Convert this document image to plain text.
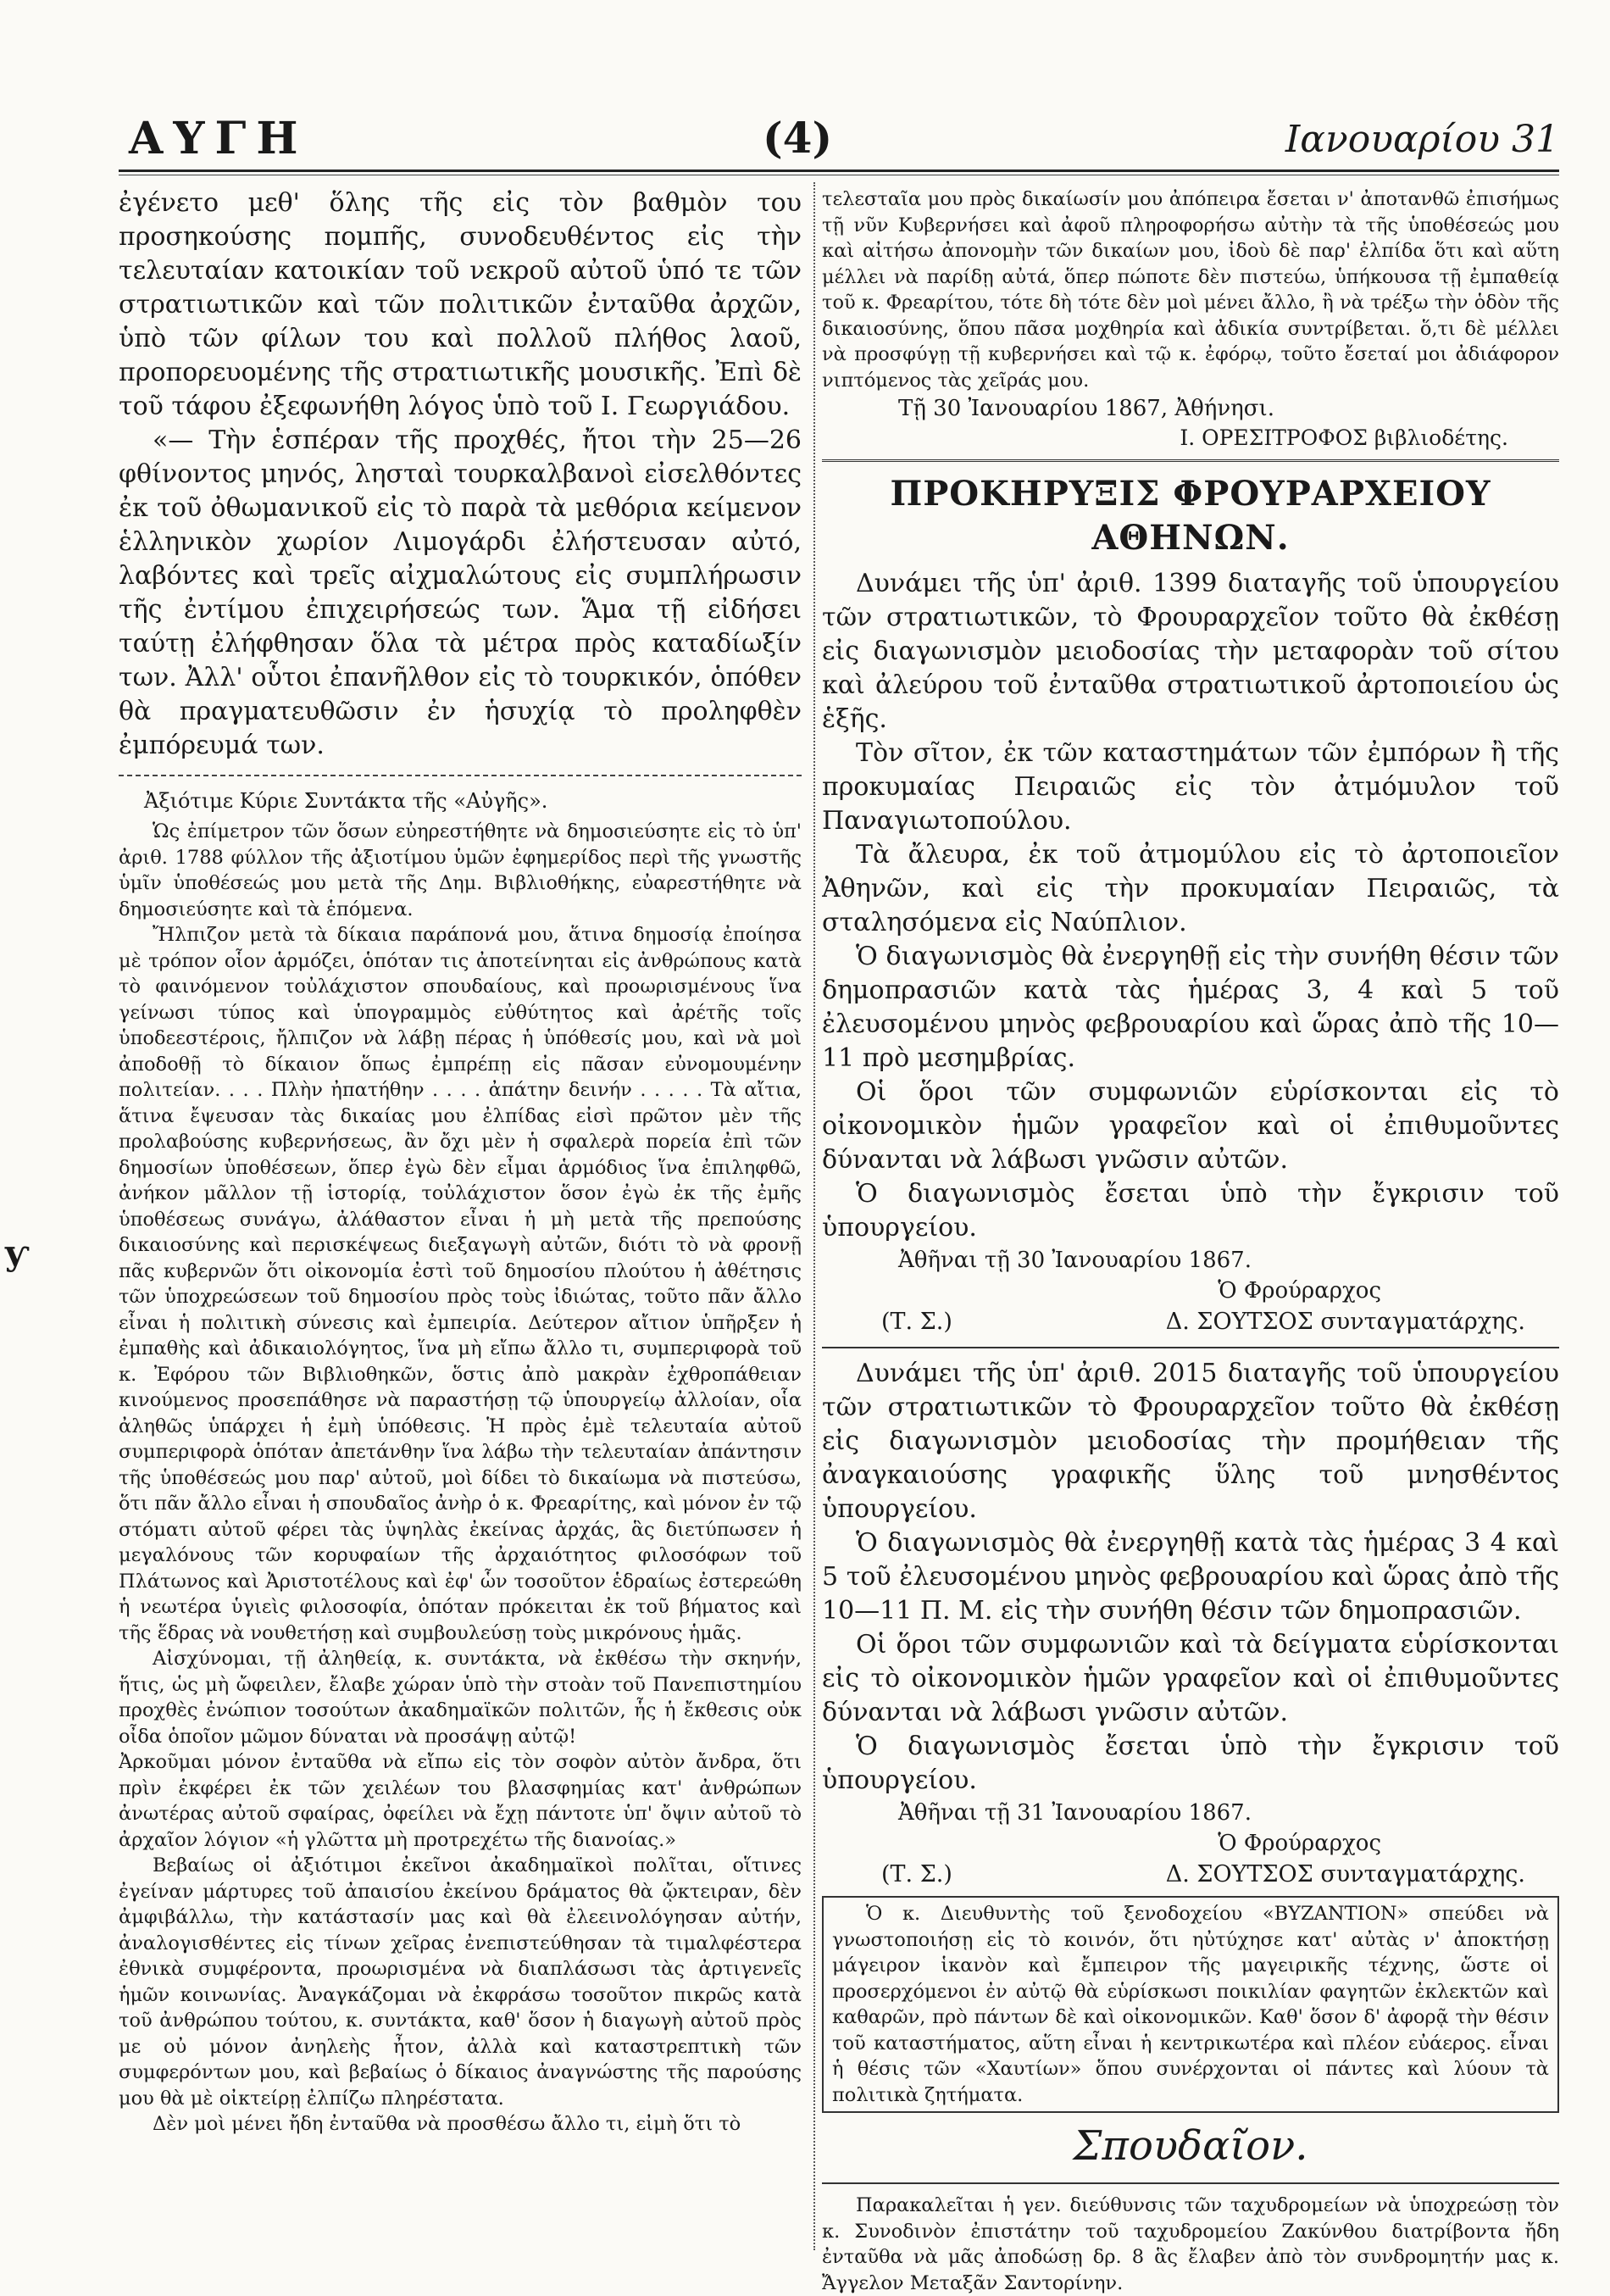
ΑΥΓΗ	(4)	Ιανουαρίου 31
ƴ

ἐγένετο μεθ' ὅλης τῆς εἰς τὸν βαθμὸν του προσηκούσης πομπῆς, συνοδευθέντος εἰς τὴν τελευταίαν κατοικίαν τοῦ νεκροῦ αὐτοῦ ὑπό τε τῶν στρατιωτικῶν καὶ τῶν πολιτικῶν ἐνταῦθα ἀρχῶν, ὑπὸ τῶν φίλων του καὶ πολλοῦ πλήθος λαοῦ, προπορευομένης τῆς στρατιωτικῆς μουσικῆς. Ἐπὶ δὲ τοῦ τάφου ἐξεφωνήθη λόγος ὑπὸ τοῦ Ι. Γεωργιάδου.

«— Τὴν ἑσπέραν τῆς προχθές, ἤτοι τὴν 25—26 φθίνοντος μηνός, λησταὶ τουρκαλβανοὶ εἰσελθόντες ἐκ τοῦ ὀθωμανικοῦ εἰς τὸ παρὰ τὰ μεθόρια κείμενον ἑλληνικὸν χωρίον Λιμογάρδι ἐλήστευσαν αὐτό, λαβόντες καὶ τρεῖς αἰχμαλώτους εἰς συμπλήρωσιν τῆς ἐντίμου ἐπιχειρήσεώς των. Ἅμα τῇ εἰδήσει ταύτῃ ἐλήφθησαν ὅλα τὰ μέτρα πρὸς καταδίωξίν των. Ἀλλ' οὗτοι ἐπανῆλθον εἰς τὸ τουρκικόν, ὁπόθεν θὰ πραγματευθῶσιν ἐν ἡσυχίᾳ τὸ προληφθὲν ἐμπόρευμά των.

Ἀξιότιμε Κύριε Συντάκτα τῆς «Αὐγῆς».

Ὡς ἐπίμετρον τῶν ὅσων εὐηρεστήθητε νὰ δημοσιεύσητε εἰς τὸ ὑπ' ἀριθ. 1788 φύλλον τῆς ἀξιοτίμου ὑμῶν ἐφημερίδος περὶ τῆς γνωστῆς ὑμῖν ὑποθέσεώς μου μετὰ τῆς Δημ. Βιβλιοθήκης, εὐαρεστήθητε νὰ δημοσιεύσητε καὶ τὰ ἑπόμενα.

Ἤλπιζον μετὰ τὰ δίκαια παράπονά μου, ἅτινα δημοσίᾳ ἐποίησα μὲ τρόπον οἷον ἁρμόζει, ὁπόταν τις ἀποτείνηται εἰς ἀνθρώπους κατὰ τὸ φαινόμενον τοὐλάχιστον σπουδαίους, καὶ προωρισμένους ἵνα γείνωσι τύπος καὶ ὑπογραμμὸς εὐθύτητος καὶ ἀρέτῆς τοῖς ὑποδεεστέροις, ἤλπιζον νὰ λάβῃ πέρας ἡ ὑπόθεσίς μου, καὶ νὰ μοὶ ἀποδοθῇ τὸ δίκαιον ὅπως ἐμπρέπῃ εἰς πᾶσαν εὐνομουμένην πολιτείαν. . . . Πλὴν ἠπατήθην . . . . ἀπάτην δεινήν . . . . . Τὰ αἴτια, ἅτινα ἔψευσαν τὰς δικαίας μου ἐλπίδας εἰσὶ πρῶτον μὲν τῆς προλαβούσης κυβερνήσεως, ἂν ὄχι μὲν ἡ σφαλερὰ πορεία ἐπὶ τῶν δημοσίων ὑποθέσεων, ὅπερ ἐγὼ δὲν εἶμαι ἁρμόδιος ἵνα ἐπιληφθῶ, ἀνήκον μᾶλλον τῇ ἱστορίᾳ, τοὐλάχιστον ὅσον ἐγὼ ἐκ τῆς ἐμῆς ὑποθέσεως συνάγω, ἀλάθαστον εἶναι ἡ μὴ μετὰ τῆς πρεπούσης δικαιοσύνης καὶ περισκέψεως διεξαγωγὴ αὐτῶν, διότι τὸ νὰ φρονῇ πᾶς κυβερνῶν ὅτι οἰκονομία ἐστὶ τοῦ δημοσίου πλούτου ἡ ἀθέτησις τῶν ὑποχρεώσεων τοῦ δημοσίου πρὸς τοὺς ἰδιώτας, τοῦτο πᾶν ἄλλο εἶναι ἡ πολιτικὴ σύνεσις καὶ ἐμπειρία. Δεύτερον αἴτιον ὑπῆρξεν ἡ ἐμπαθὴς καὶ ἀδικαιολόγητος, ἵνα μὴ εἴπω ἄλλο τι, συμπεριφορὰ τοῦ κ. Ἐφόρου τῶν Βιβλιοθηκῶν, ὅστις ἀπὸ μακρὰν ἐχθροπάθειαν κινούμενος προσεπάθησε νὰ παραστήσῃ τῷ ὑπουργείῳ ἀλλοίαν, οἷα ἀληθῶς ὑπάρχει ἡ ἐμὴ ὑπόθεσις. Ἡ πρὸς ἐμὲ τελευταία αὐτοῦ συμπεριφορὰ ὁπόταν ἀπετάνθην ἵνα λάβω τὴν τελευταίαν ἀπάντησιν τῆς ὑποθέσεώς μου παρ' αὐτοῦ, μοὶ δίδει τὸ δικαίωμα νὰ πιστεύσω, ὅτι πᾶν ἄλλο εἶναι ἡ σπουδαῖος ἀνὴρ ὁ κ. Φρεαρίτης, καὶ μόνον ἐν τῷ στόματι αὐτοῦ φέρει τὰς ὑψηλὰς ἐκείνας ἀρχάς, ἃς διετύπωσεν ἡ μεγαλόνους τῶν κορυφαίων τῆς ἀρχαιότητος φιλοσόφων τοῦ Πλάτωνος καὶ Ἀριστοτέλους καὶ ἐφ' ὧν τοσοῦτον ἑδραίως ἐστερεώθη ἡ νεωτέρα ὑγιεὶς φιλοσοφία, ὁπόταν πρόκειται ἐκ τοῦ βήματος καὶ τῆς ἕδρας νὰ νουθετήσῃ καὶ συμβουλεύσῃ τοὺς μικρόνους ἡμᾶς.

Αἰσχύνομαι, τῇ ἀληθείᾳ, κ. συντάκτα, νὰ ἐκθέσω τὴν σκηνήν, ἥτις, ὡς μὴ ὤφειλεν, ἔλαβε χώραν ὑπὸ τὴν στοὰν τοῦ Πανεπιστημίου προχθὲς ἐνώπιον τοσούτων ἀκαδημαϊκῶν πολιτῶν, ἧς ἡ ἔκθεσις οὐκ οἶδα ὁποῖον μῶμον δύναται νὰ προσάψῃ αὐτῷ!

Ἀρκοῦμαι μόνον ἐνταῦθα νὰ εἴπω εἰς τὸν σοφὸν αὐτὸν ἄνδρα, ὅτι πρὶν ἐκφέρει ἐκ τῶν χειλέων του βλασφημίας κατ' ἀνθρώπων ἀνωτέρας αὐτοῦ σφαίρας, ὀφείλει νὰ ἔχῃ πάντοτε ὑπ' ὄψιν αὐτοῦ τὸ ἀρχαῖον λόγιον «ἡ γλῶττα μὴ προτρεχέτω τῆς διανοίας.»

Βεβαίως οἱ ἀξιότιμοι ἐκεῖνοι ἀκαδημαϊκοὶ πολῖται, οἵτινες ἐγείναν μάρτυρες τοῦ ἀπαισίου ἐκείνου δράματος θὰ ᾤκτειραν, δὲν ἀμφιβάλλω, τὴν κατάστασίν μας καὶ θὰ ἐλεεινολόγησαν αὐτήν, ἀναλογισθέντες εἰς τίνων χεῖρας ἐνεπιστεύθησαν τὰ τιμαλφέστερα ἐθνικὰ συμφέροντα, προωρισμένα νὰ διαπλάσωσι τὰς ἀρτιγενεῖς ἡμῶν κοινωνίας. Ἀναγκάζομαι νὰ ἐκφράσω τοσοῦτον πικρῶς κατὰ τοῦ ἀνθρώπου τούτου, κ. συντάκτα, καθ' ὅσον ἡ διαγωγὴ αὐτοῦ πρὸς με οὐ μόνον ἀνηλεὴς ἦτον, ἀλλὰ καὶ καταστρεπτικὴ τῶν συμφερόντων μου, καὶ βεβαίως ὁ δίκαιος ἀναγνώστης τῆς παρούσης μου θὰ μὲ οἰκτείρῃ ἐλπίζω πληρέστατα.

Δὲν μοὶ μένει ἤδη ἐνταῦθα νὰ προσθέσω ἄλλο τι, εἰμὴ ὅτι τὸ

τελεσταῖα μου πρὸς δικαίωσίν μου ἀπόπειρα ἔσεται ν' ἀποτανθῶ ἐπισήμως τῇ νῦν Κυβερνήσει καὶ ἀφοῦ πληροφορήσω αὐτὴν τὰ τῆς ὑποθέσεώς μου καὶ αἰτήσω ἀπονομὴν τῶν δικαίων μου, ἰδοὺ δὲ παρ' ἐλπίδα ὅτι καὶ αὕτη μέλλει νὰ παρίδῃ αὐτά, ὅπερ πώποτε δὲν πιστεύω, ὑπήκουσα τῇ ἐμπαθείᾳ τοῦ κ. Φρεαρίτου, τότε δὴ τότε δὲν μοὶ μένει ἄλλο, ἢ νὰ τρέξω τὴν ὁδὸν τῆς δικαιοσύνης, ὅπου πᾶσα μοχθηρία καὶ ἀδικία συντρίβεται. ὅ,τι δὲ μέλλει νὰ προσφύγῃ τῇ κυβερνήσει καὶ τῷ κ. ἐφόρῳ, τοῦτο ἔσεταί μοι ἀδιάφορον νιπτόμενος τὰς χεῖράς μου.

Τῇ 30 Ἰανουαρίου 1867, Ἀθήνησι.
Ι. ΟΡΕΣΙΤΡΟΦΟΣ βιβλιοδέτης.
ΠΡΟΚΗΡΥΞΙΣ ΦΡΟΥΡΑΡΧΕΙΟΥ ΑΘΗΝΩΝ.

Δυνάμει τῆς ὑπ' ἀριθ. 1399 διαταγῆς τοῦ ὑπουργείου τῶν στρατιωτικῶν, τὸ Φρουραρχεῖον τοῦτο θὰ ἐκθέσῃ εἰς διαγωνισμὸν μειοδοσίας τὴν μεταφορὰν τοῦ σίτου καὶ ἀλεύρου τοῦ ἐνταῦθα στρατιωτικοῦ ἀρτοποιείου ὡς ἑξῆς.

Τὸν σῖτον, ἐκ τῶν καταστημάτων τῶν ἐμπόρων ἢ τῆς προκυμαίας Πειραιῶς εἰς τὸν ἀτμόμυλον τοῦ Παναγιωτοπούλου.

Τὰ ἄλευρα, ἐκ τοῦ ἀτμομύλου εἰς τὸ ἀρτοποιεῖον Ἀθηνῶν, καὶ εἰς τὴν προκυμαίαν Πειραιῶς, τὰ σταλησόμενα εἰς Ναύπλιον.

Ὁ διαγωνισμὸς θὰ ἐνεργηθῇ εἰς τὴν συνήθη θέσιν τῶν δημοπρασιῶν κατὰ τὰς ἡμέρας 3, 4 καὶ 5 τοῦ ἐλευσομένου μηνὸς φεβρουαρίου καὶ ὥρας ἀπὸ τῆς 10—11 πρὸ μεσημβρίας.

Οἱ ὅροι τῶν συμφωνιῶν εὑρίσκονται εἰς τὸ οἰκονομικὸν ἡμῶν γραφεῖον καὶ οἱ ἐπιθυμοῦντες δύνανται νὰ λάβωσι γνῶσιν αὐτῶν.

Ὁ διαγωνισμὸς ἔσεται ὑπὸ τὴν ἔγκρισιν τοῦ ὑπουργείου.

Ἀθῆναι τῇ 30 Ἰανουαρίου 1867.
Ὁ Φρούραρχος
(Τ. Σ.)	Δ. ΣΟΥΤΣΟΣ συνταγματάρχης.

Δυνάμει τῆς ὑπ' ἀριθ. 2015 διαταγῆς τοῦ ὑπουργείου τῶν στρατιωτικῶν τὸ Φρουραρχεῖον τοῦτο θὰ ἐκθέσῃ εἰς διαγωνισμὸν μειοδοσίας τὴν προμήθειαν τῆς ἀναγκαιούσης γραφικῆς ὕλης τοῦ μνησθέντος ὑπουργείου.

Ὁ διαγωνισμὸς θὰ ἐνεργηθῇ κατὰ τὰς ἡμέρας 3 4 καὶ 5 τοῦ ἐλευσομένου μηνὸς φεβρουαρίου καὶ ὥρας ἀπὸ τῆς 10—11 Π. Μ. εἰς τὴν συνήθη θέσιν τῶν δημοπρασιῶν.

Οἱ ὅροι τῶν συμφωνιῶν καὶ τὰ δείγματα εὑρίσκονται εἰς τὸ οἰκονομικὸν ἡμῶν γραφεῖον καὶ οἱ ἐπιθυμοῦντες δύνανται νὰ λάβωσι γνῶσιν αὐτῶν.

Ὁ διαγωνισμὸς ἔσεται ὑπὸ τὴν ἔγκρισιν τοῦ ὑπουργείου.

Ἀθῆναι τῇ 31 Ἰανουαρίου 1867.
Ὁ Φρούραρχος
(Τ. Σ.)	Δ. ΣΟΥΤΣΟΣ συνταγματάρχης.

Ὁ κ. Διευθυντὴς τοῦ ξενοδοχείου «ΒΥΖΑΝΤΙΟΝ» σπεύδει νὰ γνωστοποιήσῃ εἰς τὸ κοινόν, ὅτι ηὐτύχησε κατ' αὐτὰς ν' ἀποκτήσῃ μάγειρον ἱκανὸν καὶ ἔμπειρον τῆς μαγειρικῆς τέχνης, ὥστε οἱ προσερχόμενοι ἐν αὐτῷ θὰ εὑρίσκωσι ποικιλίαν φαγητῶν ἐκλεκτῶν καὶ καθαρῶν, πρὸ πάντων δὲ καὶ οἰκονομικῶν. Καθ' ὅσον δ' ἀφορᾷ τὴν θέσιν τοῦ καταστήματος, αὕτη εἶναι ἡ κεντρικωτέρα καὶ πλέον εὐάερος. εἶναι ἡ θέσις τῶν «Χαυτίων» ὅπου συνέρχονται οἱ πάντες καὶ λύουν τὰ πολιτικὰ ζητήματα.

Σπουδαῖον.

Παρακαλεῖται ἡ γεν. διεύθυνσις τῶν ταχυδρομείων νὰ ὑποχρεώσῃ τὸν κ. Συνοδινὸν ἐπιστάτην τοῦ ταχυδρομείου Ζακύνθου διατρίβοντα ἤδη ἐνταῦθα νὰ μᾶς ἀποδώσῃ δρ. 8 ἃς ἔλαβεν ἀπὸ τὸν συνδρομητήν μας κ. Ἄγγελον Μεταξᾶν Σαντορίνην.
